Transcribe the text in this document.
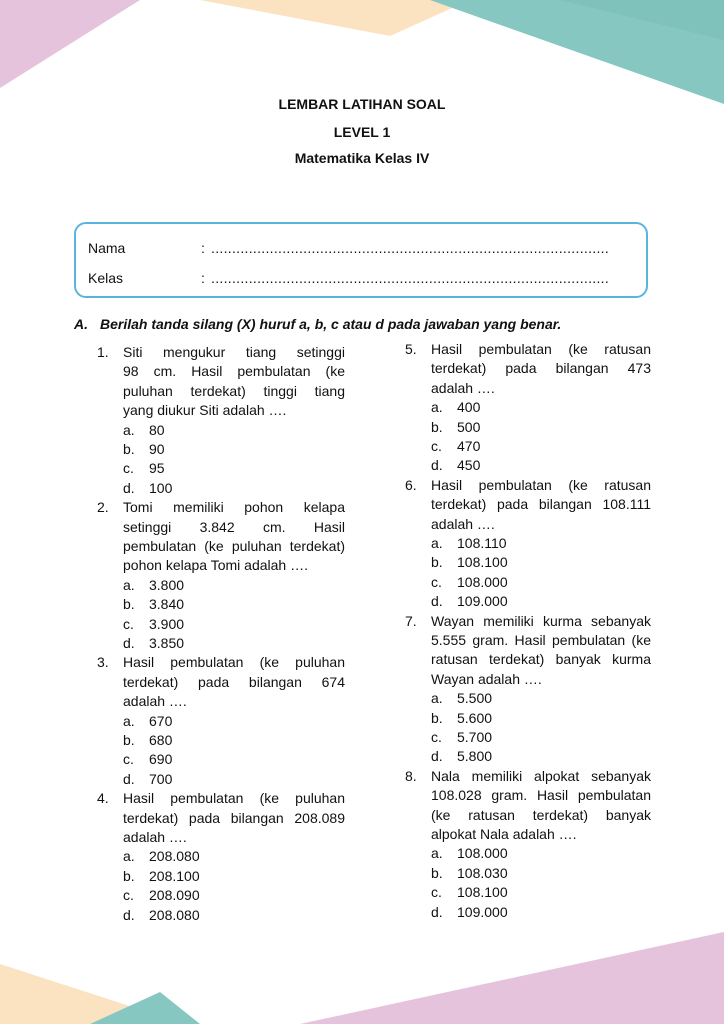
LEMBAR LATIHAN SOAL
LEVEL 1
Matematika Kelas IV
Nama	: ...............................................................................................
Kelas	: ...............................................................................................
A. Berilah tanda silang (X) huruf a, b, c atau d pada jawaban yang benar.
1. Siti mengukur tiang setinggi
98 cm. Hasil pembulatan (ke
puluhan terdekat) tinggi tiang
yang diukur Siti adalah ….
a. 80
b. 90
c. 95
d. 100
2. Tomi memiliki pohon kelapa
setinggi 3.842 cm. Hasil
pembulatan (ke puluhan terdekat)
pohon kelapa Tomi adalah ….
a. 3.800
b. 3.840
c. 3.900
d. 3.850
3. Hasil pembulatan (ke puluhan
terdekat) pada bilangan 674
adalah ….
a. 670
b. 680
c. 690
d. 700
4. Hasil pembulatan (ke puluhan
terdekat) pada bilangan 208.089
adalah ….
a. 208.080
b. 208.100
c. 208.090
d. 208.080
5. Hasil pembulatan (ke ratusan
terdekat) pada bilangan 473
adalah ….
a. 400
b. 500
c. 470
d. 450
6. Hasil pembulatan (ke ratusan
terdekat) pada bilangan 108.111
adalah ….
a. 108.110
b. 108.100
c. 108.000
d. 109.000
7. Wayan memiliki kurma sebanyak
5.555 gram. Hasil pembulatan (ke
ratusan terdekat) banyak kurma
Wayan adalah ….
a. 5.500
b. 5.600
c. 5.700
d. 5.800
8. Nala memiliki alpokat sebanyak
108.028 gram. Hasil pembulatan
(ke ratusan terdekat) banyak
alpokat Nala adalah ….
a. 108.000
b. 108.030
c. 108.100
d. 109.000
